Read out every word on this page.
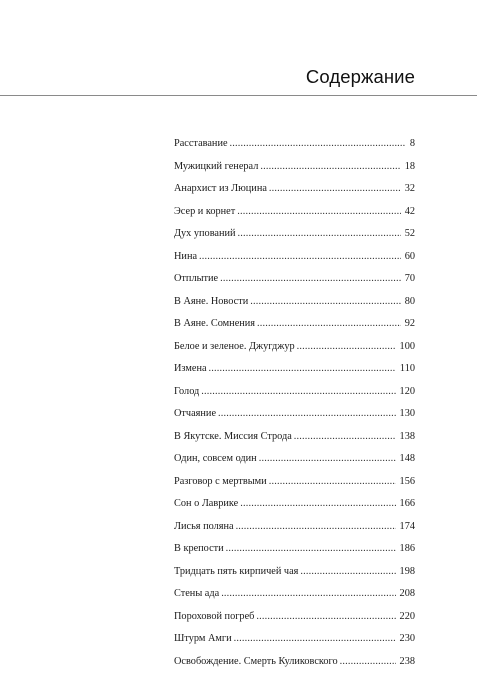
Содержание
Расставание . . .	8
Мужицкий генерал . . .	18
Анархист из Люцина . . .	32
Эсер и корнет . . .	42
Дух упований . . .	52
Нина . . .	60
Отплытие . . .	70
В Аяне. Новости . . .	80
В Аяне. Сомнения . . .	92
Белое и зеленое. Джугджур . . .	100
Измена . . .	110
Голод . . .	120
Отчаяние . . .	130
В Якутске. Миссия Строда . . .	138
Один, совсем один . . .	148
Разговор с мертвыми . . .	156
Сон о Лаврике . . .	166
Лисья поляна . . .	174
В крепости . . .	186
Тридцать пять кирпичей чая . . .	198
Стены ада . . .	208
Пороховой погреб . . .	220
Штурм Амги . . .	230
Освобождение. Смерть Куликовского . . .	238
